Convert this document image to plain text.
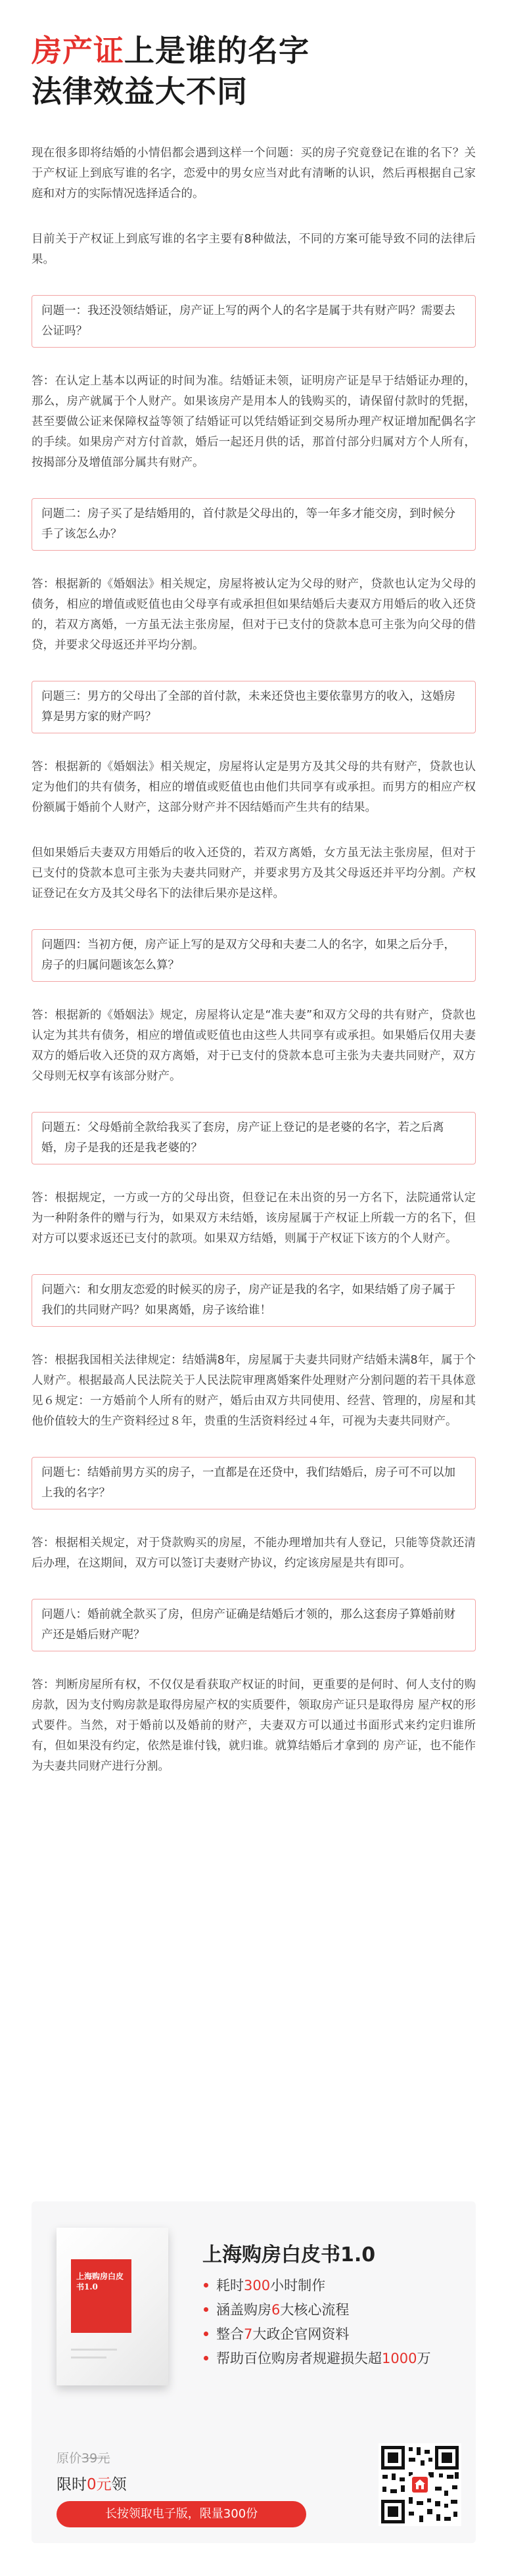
房产证上是谁的名字
法律效益大不同

现在很多即将结婚的小情侣都会遇到这样一个问题：买的房子究竟登记在谁的名下？关于产权证上到底写谁的名字，恋爱中的男女应当对此有清晰的认识，然后再根据自己家庭和对方的实际情况选择适合的。

目前关于产权证上到底写谁的名字主要有8种做法，不同的方案可能导致不同的法律后果。

问题一：我还没领结婚证，房产证上写的两个人的名字是属于共有财产吗？需要去公证吗？

答：在认定上基本以两证的时间为准。结婚证未领，证明房产证是早于结婚证办理的，那么，房产就属于个人财产。如果该房产是用本人的钱购买的，请保留付款时的凭据，甚至要做公证来保障权益等领了结婚证可以凭结婚证到交易所办理产权证增加配偶名字的手续。如果房产对方付首款，婚后一起还月供的话，那首付部分归属对方个人所有，按揭部分及增值部分属共有财产。

问题二：房子买了是结婚用的，首付款是父母出的，等一年多才能交房，到时候分手了该怎么办？

答：根据新的《婚姻法》相关规定，房屋将被认定为父母的财产，贷款也认定为父母的债务，相应的增值或贬值也由父母享有或承担但如果结婚后夫妻双方用婚后的收入还贷的，若双方离婚，一方虽无法主张房屋，但对于已支付的贷款本息可主张为向父母的借贷，并要求父母返还并平均分割。

问题三：男方的父母出了全部的首付款，未来还贷也主要依靠男方的收入，这婚房算是男方家的财产吗？

答：根据新的《婚姻法》相关规定，房屋将认定是男方及其父母的共有财产，贷款也认定为他们的共有债务，相应的增值或贬值也由他们共同享有或承担。而男方的相应产权份额属于婚前个人财产，这部分财产并不因结婚而产生共有的结果。

但如果婚后夫妻双方用婚后的收入还贷的，若双方离婚，女方虽无法主张房屋，但对于已支付的贷款本息可主张为夫妻共同财产，并要求男方及其父母返还并平均分割。产权证登记在女方及其父母名下的法律后果亦是这样。

问题四：当初方便，房产证上写的是双方父母和夫妻二人的名字，如果之后分手，房子的归属问题该怎么算？

答：根据新的《婚姻法》规定，房屋将认定是“准夫妻”和双方父母的共有财产，贷款也认定为其共有债务，相应的增值或贬值也由这些人共同享有或承担。如果婚后仅用夫妻双方的婚后收入还贷的双方离婚，对于已支付的贷款本息可主张为夫妻共同财产，双方父母则无权享有该部分财产。

问题五：父母婚前全款给我买了套房，房产证上登记的是老婆的名字，若之后离婚，房子是我的还是我老婆的？

答：根据规定，一方或一方的父母出资，但登记在未出资的另一方名下，法院通常认定为一种附条件的赠与行为，如果双方未结婚，该房屋属于产权证上所载一方的名下，但对方可以要求返还已支付的款项。如果双方结婚，则属于产权证下该方的个人财产。

问题六：和女朋友恋爱的时候买的房子，房产证是我的名字，如果结婚了房子属于我们的共同财产吗？如果离婚，房子该给谁！

答：根据我国相关法律规定：结婚满8年，房屋属于夫妻共同财产结婚未满8年，属于个人财产。根据最高人民法院关于人民法院审理离婚案件处理财产分割问题的若干具体意见６规定：一方婚前个人所有的财产，婚后由双方共同使用、经营、管理的，房屋和其他价值较大的生产资料经过８年，贵重的生活资料经过４年，可视为夫妻共同财产。

问题七：结婚前男方买的房子，一直都是在还贷中，我们结婚后，房子可不可以加上我的名字？

答：根据相关规定，对于贷款购买的房屋，不能办理增加共有人登记，只能等贷款还清后办理，在这期间，双方可以签订夫妻财产协议，约定该房屋是共有即可。

问题八：婚前就全款买了房，但房产证确是结婚后才领的，那么这套房子算婚前财产还是婚后财产呢？

答：判断房屋所有权，不仅仅是看获取产权证的时间，更重要的是何时、何人支付的购房款，因为支付购房款是取得房屋产权的实质要件，领取房产证只是取得房 屋产权的形式要件。当然，对于婚前以及婚前的财产，夫妻双方可以通过书面形式来约定归谁所有，但如果没有约定，依然是谁付钱，就归谁。就算结婚后才拿到的 房产证，也不能作为夫妻共同财产进行分割。

上海购房白皮书1.0
上海购房白皮书1.0
耗时300小时制作
涵盖购房6大核心流程
整合7大政企官网资料
帮助百位购房者规避损失超1000万
原价39元
限时0元领
长按领取电子版，限量300份
